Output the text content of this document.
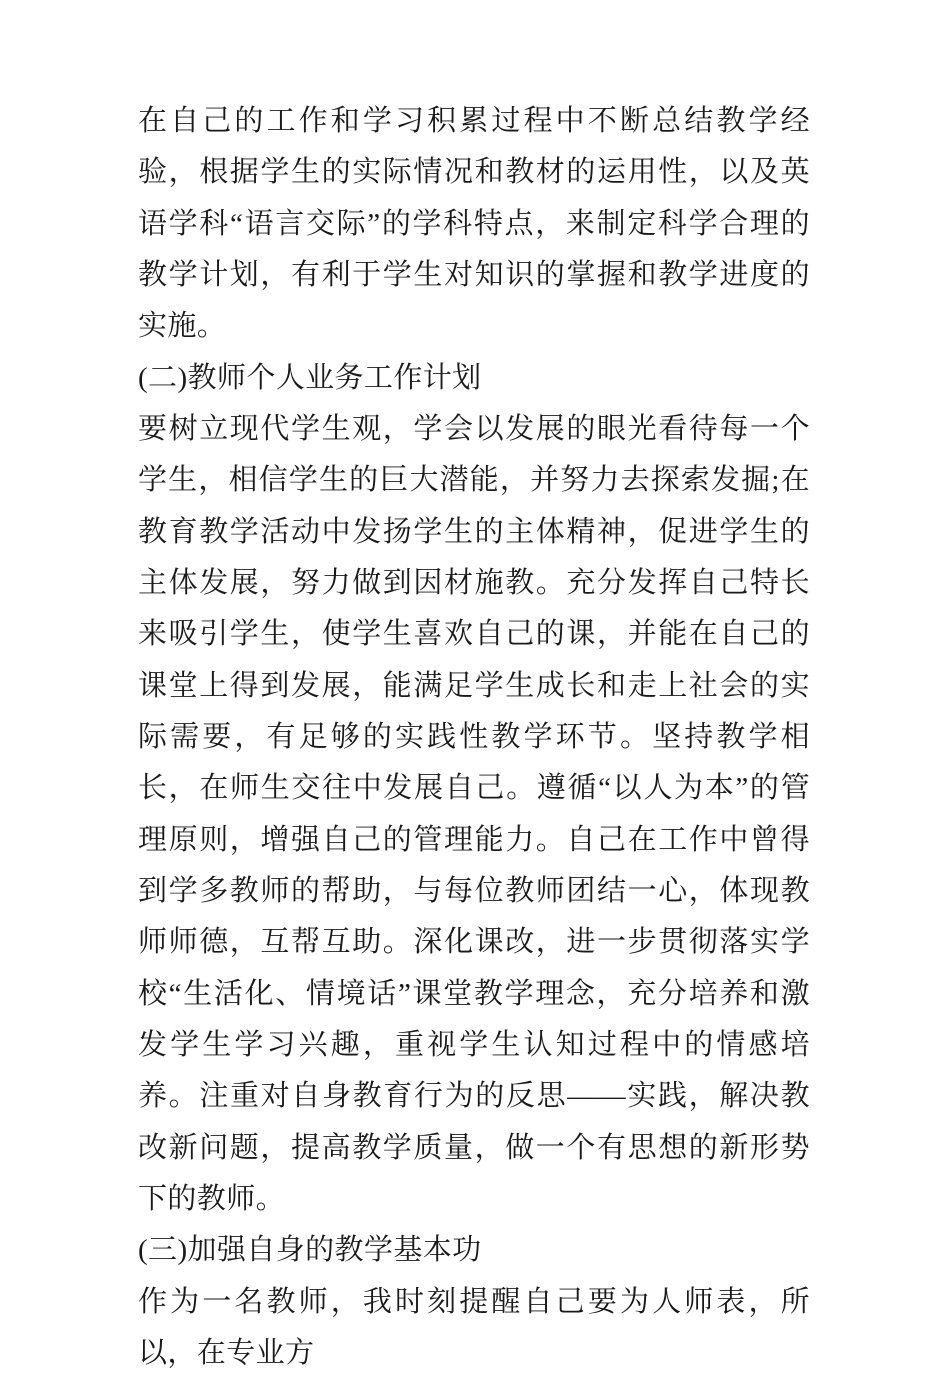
在自己的工作和学习积累过程中不断总结教学经验，根据学生的实际情况和教材的运用性，以及英语学科“语言交际”的学科特点，来制定科学合理的教学计划，有利于学生对知识的掌握和教学进度的实施。

(二)教师个人业务工作计划

要树立现代学生观，学会以发展的眼光看待每一个学生，相信学生的巨大潜能，并努力去探索发掘;在教育教学活动中发扬学生的主体精神，促进学生的主体发展，努力做到因材施教。充分发挥自己特长来吸引学生，使学生喜欢自己的课，并能在自己的课堂上得到发展，能满足学生成长和走上社会的实际需要，有足够的实践性教学环节。坚持教学相长，在师生交往中发展自己。遵循“以人为本”的管理原则，增强自己的管理能力。自己在工作中曾得到学多教师的帮助，与每位教师团结一心，体现教师师德，互帮互助。深化课改，进一步贯彻落实学校“生活化、情境话”课堂教学理念，充分培养和激发学生学习兴趣，重视学生认知过程中的情感培养。注重对自身教育行为的反思——实践，解决教改新问题，提高教学质量，做一个有思想的新形势下的教师。

(三)加强自身的教学基本功

作为一名教师，我时刻提醒自己要为人师表，所以，在专业方
